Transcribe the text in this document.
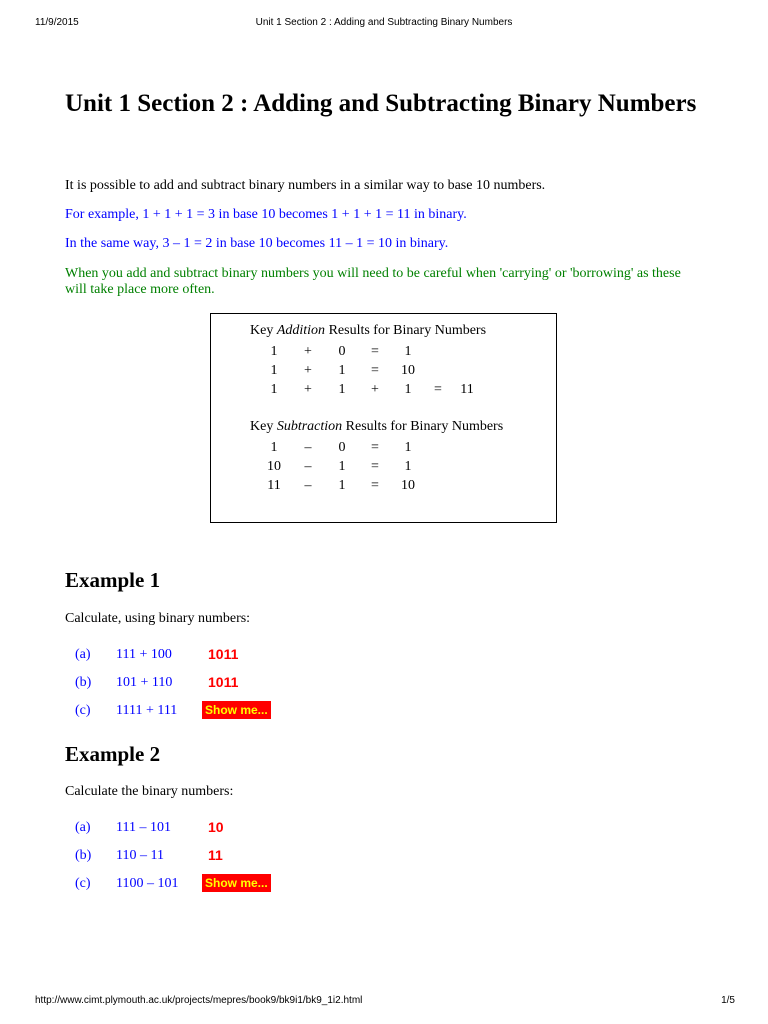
11/9/2015	Unit 1 Section 2 : Adding and Subtracting Binary Numbers
Unit 1 Section 2 : Adding and Subtracting Binary Numbers

It is possible to add and subtract binary numbers in a similar way to base 10 numbers.

For example, 1 + 1 + 1 = 3 in base 10 becomes 1 + 1 + 1 = 11 in binary.

In the same way, 3 – 1 = 2 in base 10 becomes 11 – 1 = 10 in binary.

When you add and subtract binary numbers you will need to be careful when 'carrying' or 'borrowing' as these will take place more often.

Key Addition Results for Binary Numbers
1	+	0	=	1
1	+	1	=	10
1	+	1	+	1	=	11
Key Subtraction Results for Binary Numbers
1	–	0	=	1
10	–	1	=	1
11	–	1	=	10
Example 1
Calculate, using binary numbers:
(a) 111 + 100	1011
(b) 101 + 110	1011
(c) 1111 + 111 Show me...
Example 2
Calculate the binary numbers:
(a) 111 – 101	10
(b) 110 – 11	11
(c) 1100 – 101 Show me...
http://www.cimt.plymouth.ac.uk/projects/mepres/book9/bk9i1/bk9_1i2.html	1/5
